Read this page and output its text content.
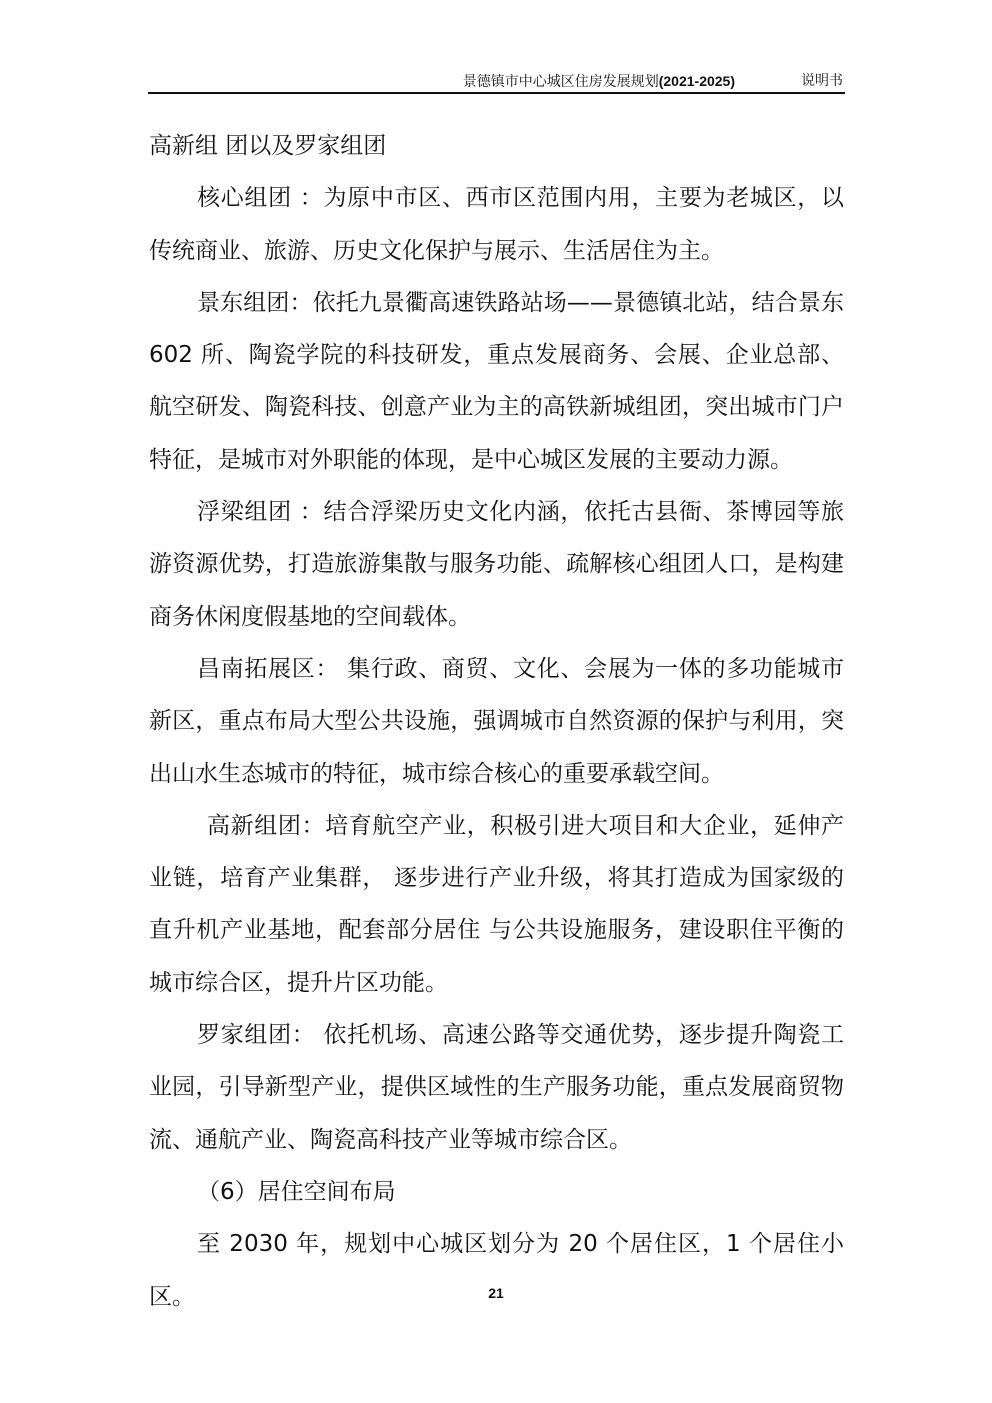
景德镇市中心城区住房发展规划(2021-2025)	说明书

高新组 团以及罗家组团

核心组团 ：为原中市区、西市区范围内用，主要为老城区，以传统商业、旅游、历史文化保护与展示、生活居住为主。

景东组团：依托九景衢高速铁路站场——景德镇北站，结合景东 602 所、陶瓷学院的科技研发，重点发展商务、会展、企业总部、航空研发、陶瓷科技、创意产业为主的高铁新城组团，突出城市门户特征，是城市对外职能的体现，是中心城区发展的主要动力源。

浮梁组团 ：结合浮梁历史文化内涵，依托古县衙、茶博园等旅游资源优势，打造旅游集散与服务功能、疏解核心组团人口，是构建商务休闲度假基地的空间载体。

昌南拓展区： 集行政、商贸、文化、会展为一体的多功能城市新区，重点布局大型公共设施，强调城市自然资源的保护与利用，突出山水生态城市的特征，城市综合核心的重要承载空间。

高新组团：培育航空产业，积极引进大项目和大企业，延伸产业链，培育产业集群， 逐步进行产业升级，将其打造成为国家级的直升机产业基地，配套部分居住 与公共设施服务，建设职住平衡的城市综合区，提升片区功能。

罗家组团： 依托机场、高速公路等交通优势，逐步提升陶瓷工业园，引导新型产业，提供区域性的生产服务功能，重点发展商贸物流、通航产业、陶瓷高科技产业等城市综合区。

（6）居住空间布局

至 2030 年，规划中心城区划分为 20 个居住区，1 个居住小区。	21
